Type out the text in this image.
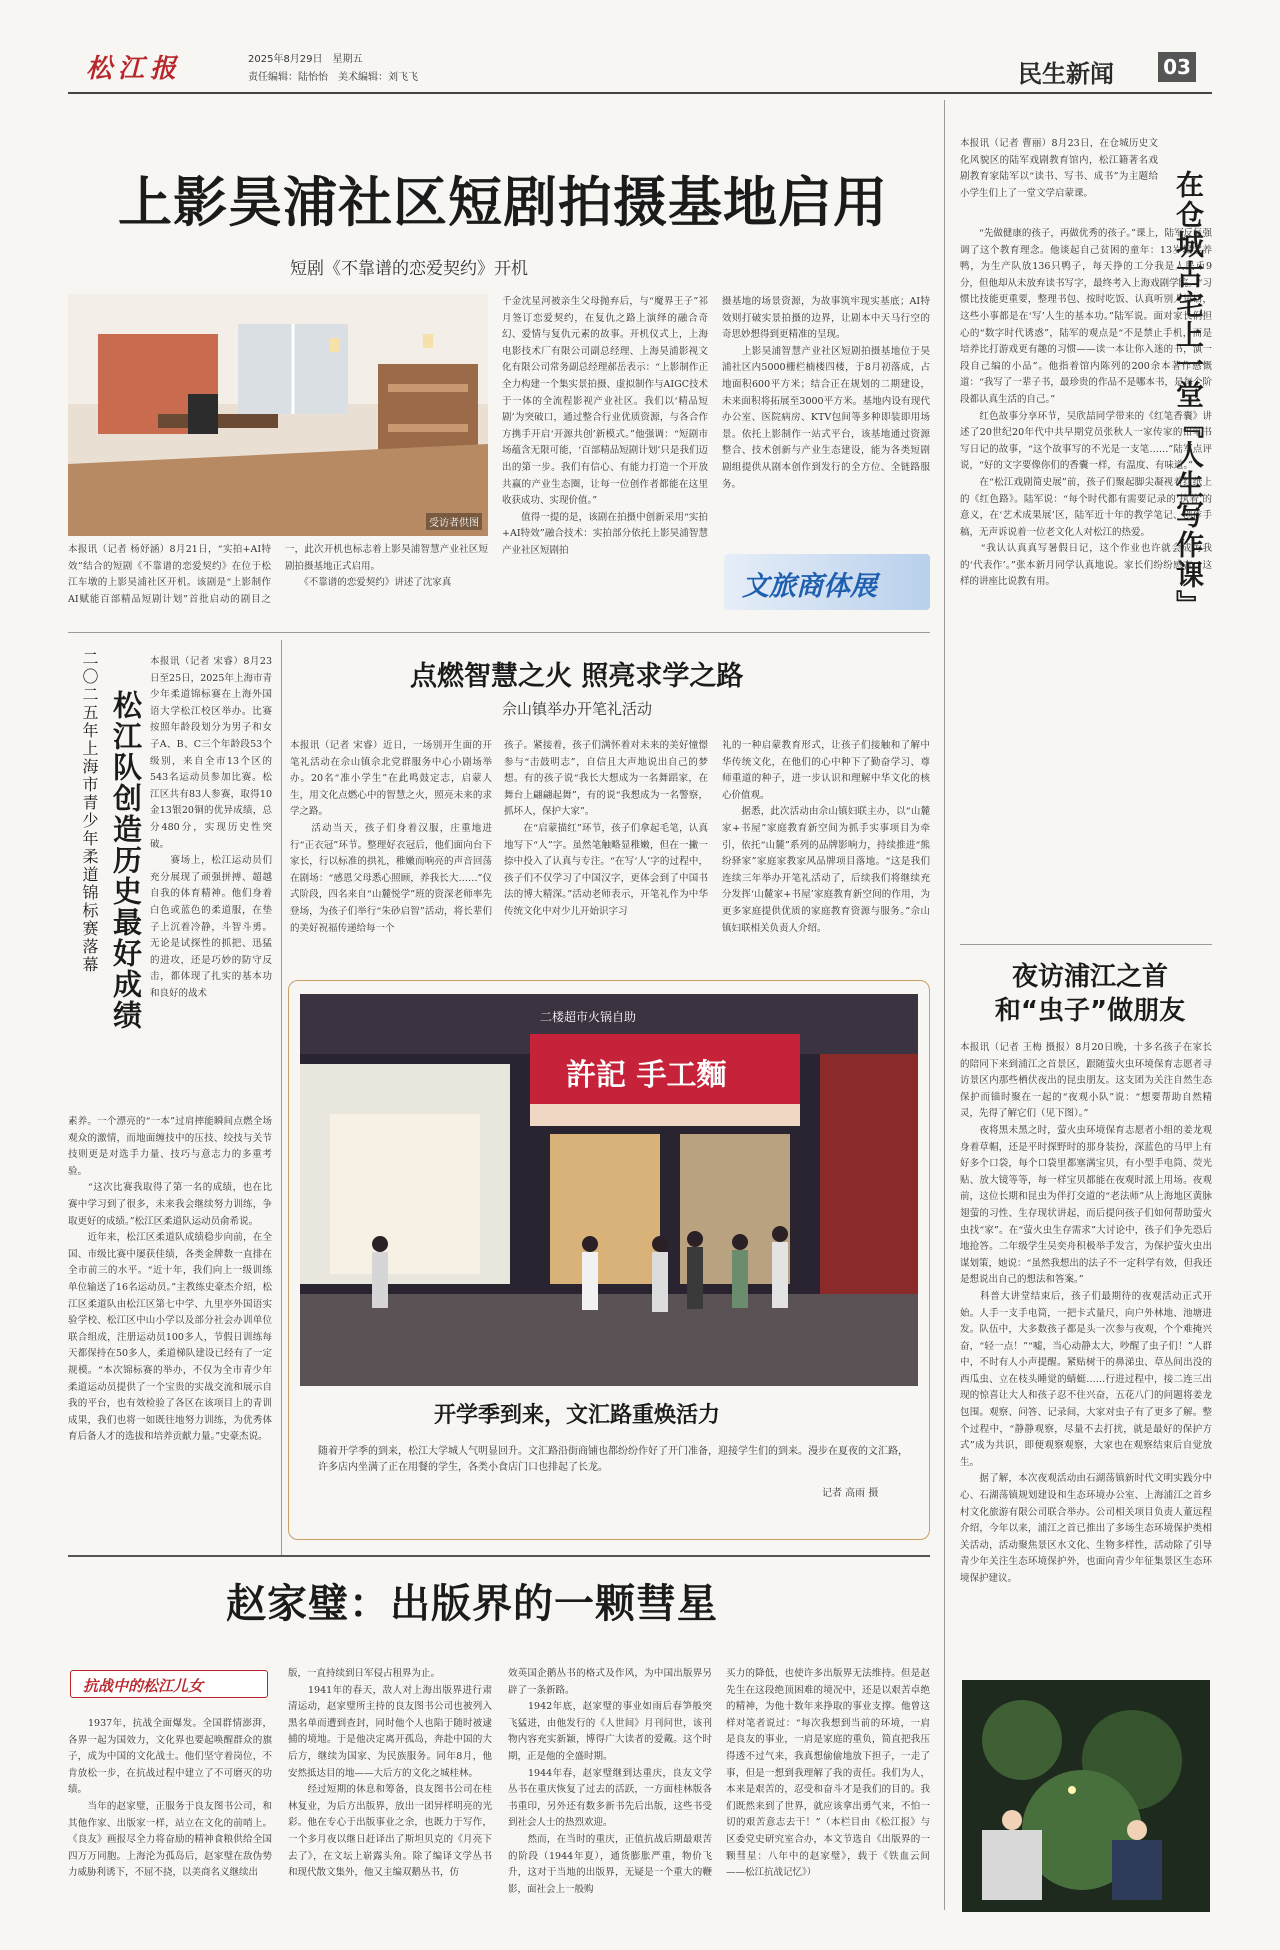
松江报	2025年8月29日　星期五
责任编辑：陆怡怡　美术编辑：刘飞飞	民生新闻 03
上影昊浦社区短剧拍摄基地启用
短剧《不靠谱的恋爱契约》开机
受访者供图
本报讯（记者 杨妤涵）8月21日，“实拍+AI特效”结合的短剧《不靠谱的恋爱契约》在位于松江车墩的上影昊浦社区开机。该剧是“上影制作AI赋能百部精品短剧计划”首批启动的剧目之一，此次开机也标志着上影昊浦智慧产业社区短剧拍摄基地正式启用。
　　《不靠谱的恋爱契约》讲述了沈家真
千金沈星河被亲生父母抛弃后，与“魔界王子”祁月签订恋爱契约，在复仇之路上演绎的融合奇幻、爱情与复仇元素的故事。开机仪式上，上海电影技术厂有限公司副总经理、上海昊浦影视文化有限公司常务副总经理郝岳表示：“上影制作正全力构建一个集实景拍摄、虚拟制作与AIGC技术于一体的全流程影视产业社区。我们以‘精品短剧’为突破口，通过整合行业优质资源，与各合作方携手开启‘开源共创’新模式。”他强调：“短剧市场蕴含无限可能，‘百部精品短剧计划’只是我们迈出的第一步。我们有信心、有能力打造一个开放共赢的产业生态圈，让每一位创作者都能在这里收获成功、实现价值。”
　　值得一提的是，该剧在拍摄中创新采用“实拍+AI特效”融合技术：实拍部分依托上影昊浦智慧产业社区短剧拍
摄基地的场景资源，为故事筑牢现实基底；AI特效则打破实景拍摄的边界，让剧本中天马行空的奇思妙想得到更精准的呈现。
　　上影昊浦智慧产业社区短剧拍摄基地位于昊浦社区内5000栅栏楠楼四楼，于8月初落成，占地面积600平方米；结合正在规划的二期建设，未来面积将拓展至3000平方米。基地内设有现代办公室、医院病房、KTV包间等多种即装即用场景。依托上影制作一站式平台，该基地通过资源整合、技术创新与产业生态建设，能为各类短剧剧组提供从剧本创作到发行的全方位、全链路服务。
文旅商体展
松江队创造历史最好成绩
二〇二五年上海市青少年柔道锦标赛落幕	本报讯（记者 宋睿）8月23日至25日，2025年上海市青少年柔道锦标赛在上海外国语大学松江校区举办。比赛按照年龄段划分为男子和女子A、B、C三个年龄段53个级别，来自全市13个区的543名运动员参加比赛。松江区共有83人参赛，取得10金13银20铜的优异成绩，总分480分，实现历史性突破。
　　赛场上，松江运动员们充分展现了顽强拼搏、超越自我的体育精神。他们身着白色或蓝色的柔道服，在垫子上沉着冷静，斗智斗勇。无论是试探性的抓把、迅猛的进攻，还是巧妙的防守反击，都体现了扎实的基本功和良好的战术
素养。一个漂亮的“一本”过肩摔能瞬间点燃全场观众的激情，而地面缠技中的压技、绞技与关节技则更是对选手力量、技巧与意志力的多重考验。
　　“这次比赛我取得了第一名的成绩，也在比赛中学习到了很多，未来我会继续努力训练，争取更好的成绩。”松江区柔道队运动员俞希说。
　　近年来，松江区柔道队成绩稳步向前，在全国、市级比赛中屡获佳绩，各类金牌数一直排在全市前三的水平。“近十年，我们向上一级训练单位输送了16名运动员。”主教练史豪杰介绍，松江区柔道队由松江区第七中学、九里亭外国语实验学校、松江区中山小学以及部分社会办训单位联合组成，注册运动员100多人，节假日训练每天都保持在50多人，柔道梯队建设已经有了一定规模。“本次锦标赛的举办，不仅为全市青少年柔道运动员提供了一个宝贵的实战交流和展示自我的平台，也有效检验了各区在该项目上的青训成果，我们也将一如既往地努力训练，为优秀体育后备人才的选拔和培养贡献力量。”史豪杰说。
点燃智慧之火 照亮求学之路
佘山镇举办开笔礼活动
本报讯（记者 宋睿）近日，一场别开生面的开笔礼活动在佘山镇佘北党群服务中心小剧场举办。20名“准小学生”在此鸣鼓定志，启蒙人生，用文化点燃心中的智慧之火，照亮未来的求学之路。
　　活动当天，孩子们身着汉服，庄重地进行“正衣冠”环节。整理好衣冠后，他们面向台下家长，行以标准的拱礼，稚嫩而响亮的声音回荡在剧场：“感恩父母悉心照顾，养我长大……”仪式阶段，四名来自“山麓悦学”班的资深老师率先登场，为孩子们举行“朱砂启智”活动，将长辈们的美好祝福传递给每一个
孩子。紧接着，孩子们满怀着对未来的美好憧憬参与“击鼓明志”，自信且大声地说出自己的梦想。有的孩子说“我长大想成为一名舞蹈家，在舞台上翩翩起舞”，有的说“我想成为一名警察，抓坏人，保护大家”。
　　在“启蒙描红”环节，孩子们拿起毛笔，认真地写下“人”字。虽然笔触略显稚嫩，但在一撇一捺中投入了认真与专注。“在写‘人’字的过程中，孩子们不仅学习了中国汉字，更体会到了中国书法的博大精深。”活动老师表示，开笔礼作为中华传统文化中对少儿开始识字习
礼的一种启蒙教育形式，让孩子们接触和了解中华传统文化，在他们的心中种下了勤奋学习、尊师重道的种子，进一步认识和理解中华文化的核心价值观。
　　据悉，此次活动由佘山镇妇联主办，以“山麓家+书屋”家庭教育新空间为抓手实事项目为牵引，依托“山麓”系列的品牌影响力，持续推进“熊纷驿家”家庭家教家风品牌项目落地。“这是我们连续三年举办开笔礼活动了，后续我们将继续充分发挥‘山麓家+书屋’家庭教育新空间的作用，为更多家庭提供优质的家庭教育资源与服务。”佘山镇妇联相关负责人介绍。
二楼超市火锅自助
許記 手工麵
开学季到来，文汇路重焕活力
随着开学季的到来，松江大学城人气明显回升。文汇路沿街商铺也都纷纷作好了开门准备，迎接学生们的到来。漫步在夏夜的文汇路，许多店内坐满了正在用餐的学生，各类小食店门口也排起了长龙。
记者 高雨 摄
本报讯（记者 曹丽）8月23日，在仓城历史文化风貌区的陆军戏剧教育馆内，松江籍著名戏剧教育家陆军以“读书、写书、成书”为主题给小学生们上了一堂文学启蒙课。	在仓城古宅上一堂『人生写作课』
　　“先做健康的孩子，再做优秀的孩子。”课上，陆军反复强调了这个教育理念。他谈起自己贫困的童年：13岁辍学养鸭，为生产队放136只鸭子，每天挣的工分我是人民币9分，但他却从未放弃读书写字，最终考入上海戏剧学院。“习惯比技能更重要，整理书包、按时吃饭、认真听别人讲话，这些小事都是在‘写’人生的基本功。”陆军说。面对家长们担心的“数字时代诱惑”，陆军的观点是“不是禁止手机，而是培养比打游戏更有趣的习惯——读一本让你入迷的书，演一段自己编的小品”。他指着馆内陈列的200余本著作感慨道：“我写了一辈子书，最珍贵的作品不是哪本书，是每个阶段都认真生活的自己。”
　　红色故事分享环节，吴欣喆同学带来的《红笔香囊》讲述了20世纪20年代中共早期党员张秋人一家传家的铅笔书写日记的故事，“这个故事写的不光是一支笔……”陆军点评说，“好的文字要像你们的香囊一样，有温度、有味道。”
　　在“松江戏剧简史展”前，孩子们聚起脚尖凝视着红纸上的《红色路》。陆军说：“每个时代都有需要记录的‘执着’的意义，在‘艺术成果展’区，陆军近十年的教学笔记、创作手稿，无声诉说着一位老文化人对松江的热爱。
　　“我认认真真写暑假日记，这个作业也许就会成为我的‘代表作’。”张本新月同学认真地说。家长们纷纷感言，这样的讲座比说教有用。
夜访浦江之首和“虫子”做朋友
本报讯（记者 王梅 摄报）8月20日晚，十多名孩子在家长的陪同下来到浦江之首景区，跟随萤火虫环境保育志愿者寻访景区内那些栖伏夜出的昆虫朋友。这支团为关注自然生态保护而锚时聚在一起的“夜观小队”说：“想要帮助自然精灵，先得了解它们（见下图）。”
　　夜将黑未黑之时，萤火虫环境保育志愿者小组的姜龙观身着草帽，还是平时探野时的那身装扮，深蓝色的马甲上有好多个口袋，每个口袋里都塞满宝贝，有小型手电筒、荧光贴、放大镜等等，每一样宝贝都能在夜观时派上用场。夜观前，这位长期和昆虫为伴打交道的“老法师”从上海地区黄脉翅萤的习性、生存现状讲起，而后提问孩子们如何帮助萤火虫找“家”。在“萤火虫生存需求”大讨论中，孩子们争先恐后地抢答。二年级学生吴奕舟积极举手发言，为保护萤火虫出谋划策，她说：“虽然我想出的法子不一定科学有效，但我还是想说出自己的想法和答案。”
　　科普大讲堂结束后，孩子们最期待的夜观活动正式开始。人手一支手电筒，一把卡式量尺，向户外林地、池塘进发。队伍中，大多数孩子都是头一次参与夜观，个个难掩兴奋，“轻一点！”“嘘，当心动静太大，吵醒了虫子们！”人群中，不时有人小声提醒。紧贴树干的鼻涕虫、草丛间出没的西瓜虫、立在枝头睡觉的蜻蜓……行进过程中，接二连三出现的惊喜让大人和孩子忍不住兴奋，五花八门的问题将姜龙包围。观察、问答、记录间，大家对虫子有了更多了解。整个过程中，“静静观察，尽量不去打扰，就是最好的保护方式”成为共识，即便观察观察，大家也在观察结束后自觉放生。
　　据了解，本次夜观活动由石湖荡镇新时代文明实践分中心、石湖荡镇规划建设和生态环境办公室、上海浦江之首乡村文化旅游有限公司联合举办。公司相关项目负责人董远程介绍，今年以来，浦江之首已推出了多场生态环境保护类相关活动，活动聚焦景区水文化、生物多样性，活动除了引导青少年关注生态环境保护外，也面向青少年征集景区生态环境保护建议。
赵家璧：出版界的一颗彗星
抗战中的松江儿女
　　1937年，抗战全面爆发。全国群情澎湃，各界一起为国效力，文化界也要起唤醒群众的旗子，成为中国的文化战士。他们坚守着岗位，不肯放松一步，在抗战过程中建立了不可磨灭的功绩。
　　当年的赵家璧，正服务于良友图书公司，和其他作家、出版家一样，站立在文化的前哨上。《良友》画报尽全力将奋励的精神食粮供给全国四万万同胞。上海沦为孤岛后，赵家璧在敌伪势力威胁利诱下，不屈不挠，以美商名义继续出
版，一直持续到日军侵占租界为止。
　　1941年的春天，敌人对上海出版界进行肃清运动，赵家璧所主持的良友图书公司也被列入黑名单而遭到查封，同时他个人也陷于随时被逮捕的境地。于是他决定离开孤岛，奔赴中国的大后方，继续为国家、为民族服务。同年8月，他安然抵达目的地——大后方的文化之城桂林。
　　经过短期的休息和筹备，良友图书公司在桂林复业，为后方出版界，放出一团异样明亮的光彩。他在专心于出版事业之余，也既力于写作，一个多月夜以继日赶译出了斯坦贝克的《月亮下去了》，在文坛上崭露头角。除了编译文学丛书和现代散文集外，他又主编双鹅丛书，仿
效英国企鹅丛书的格式及作风，为中国出版界另辟了一条新路。
　　1942年底，赵家璧的事业如雨后春笋般突飞猛进，由他发行的《人世间》月刊问世，该刊物内容充实新颖，博得广大读者的爱戴。这个时期，正是他的全盛时期。
　　1944年春，赵家璧继到达重庆，良友文学丛书在重庆恢复了过去的活跃，一方面桂林版各书重印，另外还有数多新书先后出版，这些书受到社会人士的热烈欢迎。
　　然而，在当时的重庆，正值抗战后期最艰苦的阶段（1944年夏），通货膨胀严重，物价飞升，这对于当地的出版界，无疑是一个重大的鞭影，面社会上一般购
买力的降低，也使许多出版界无法维持。但是赵先生在这段绝顶困难的境况中，还是以艰苦卓绝的精神，为他十数年来挣取的事业支撑。他曾这样对笔者说过：“每次我想到当前的环境，一肩是良友的事业，一肩是家庭的重负，简直把我压得透不过气来，我真想偷偷地放下担子，一走了事，但是一想到我理解了我的责任。我们为人，本来是艰苦的，忍受和奋斗才是我们的目的。我们既然来到了世界，就应该拿出勇气来，不怕一切的艰苦意志去干！”（本栏目由《松江报》与区委党史研究室合办，本文节选自《出版界的一颗彗星：八年中的赵家璧》，载于《铁血云间——松江抗战记忆》）
